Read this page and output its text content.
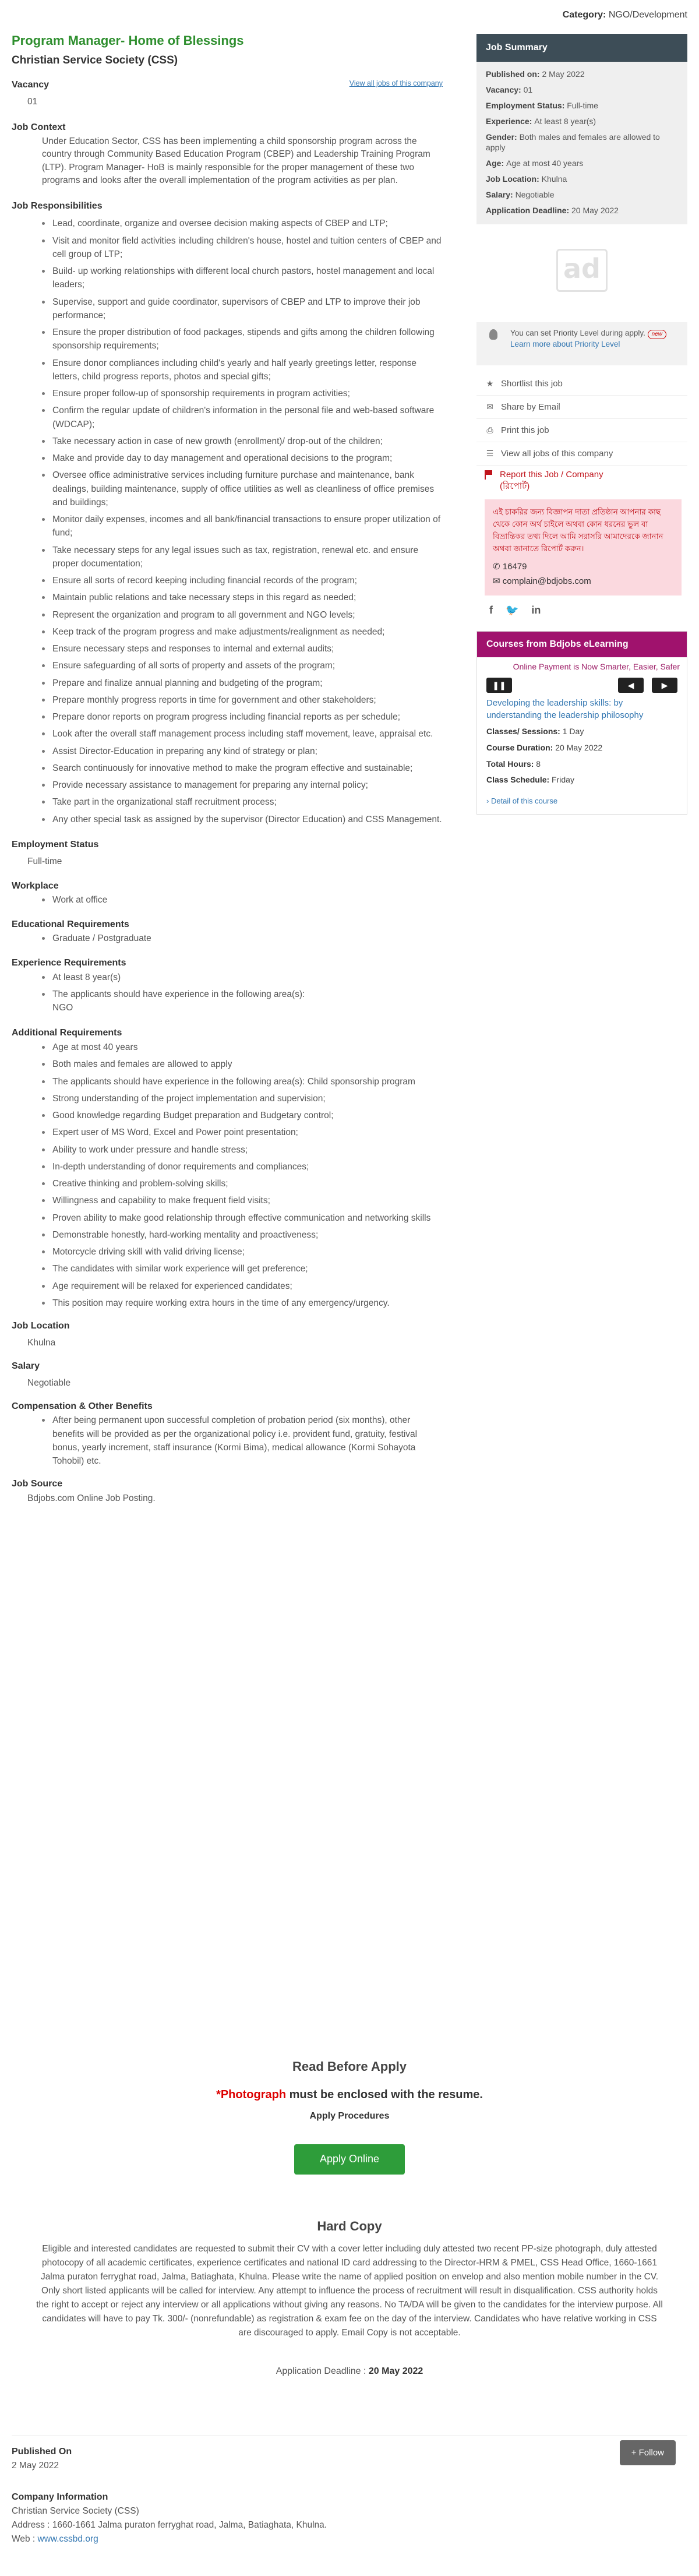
Category: NGO/Development
Program Manager- Home of Blessings
Christian Service Society (CSS)
View all jobs of this company
Vacancy
01
Job Context

Under Education Sector, CSS has been implementing a child sponsorship program across the country through Community Based Education Program (CBEP) and Leadership Training Program (LTP). Program Manager- HoB is mainly responsible for the proper management of these two programs and looks after the overall implementation of the program activities as per plan.

Job Responsibilities
Lead, coordinate, organize and oversee decision making aspects of CBEP and LTP;
Visit and monitor field activities including children's house, hostel and tuition centers of CBEP and cell group of LTP;
Build- up working relationships with different local church pastors, hostel management and local leaders;
Supervise, support and guide coordinator, supervisors of CBEP and LTP to improve their job performance;
Ensure the proper distribution of food packages, stipends and gifts among the children following sponsorship requirements;
Ensure donor compliances including child's yearly and half yearly greetings letter, response letters, child progress reports, photos and special gifts;
Ensure proper follow-up of sponsorship requirements in program activities;
Confirm the regular update of children's information in the personal file and web-based software (WDCAP);
Take necessary action in case of new growth (enrollment)/ drop-out of the children;
Make and provide day to day management and operational decisions to the program;
Oversee office administrative services including furniture purchase and maintenance, bank dealings, building maintenance, supply of office utilities as well as cleanliness of office premises and buildings;
Monitor daily expenses, incomes and all bank/financial transactions to ensure proper utilization of fund;
Take necessary steps for any legal issues such as tax, registration, renewal etc. and ensure proper documentation;
Ensure all sorts of record keeping including financial records of the program;
Maintain public relations and take necessary steps in this regard as needed;
Represent the organization and program to all government and NGO levels;
Keep track of the program progress and make adjustments/realignment as needed;
Ensure necessary steps and responses to internal and external audits;
Ensure safeguarding of all sorts of property and assets of the program;
Prepare and finalize annual planning and budgeting of the program;
Prepare monthly progress reports in time for government and other stakeholders;
Prepare donor reports on program progress including financial reports as per schedule;
Look after the overall staff management process including staff movement, leave, appraisal etc.
Assist Director-Education in preparing any kind of strategy or plan;
Search continuously for innovative method to make the program effective and sustainable;
Provide necessary assistance to management for preparing any internal policy;
Take part in the organizational staff recruitment process;
Any other special task as assigned by the supervisor (Director Education) and CSS Management.
Employment Status
Full-time
Workplace
Work at office
Educational Requirements
Graduate / Postgraduate
Experience Requirements
At least 8 year(s)
The applicants should have experience in the following area(s):
NGO
Additional Requirements
Age at most 40 years
Both males and females are allowed to apply
The applicants should have experience in the following area(s): Child sponsorship program
Strong understanding of the project implementation and supervision;
Good knowledge regarding Budget preparation and Budgetary control;
Expert user of MS Word, Excel and Power point presentation;
Ability to work under pressure and handle stress;
In-depth understanding of donor requirements and compliances;
Creative thinking and problem-solving skills;
Willingness and capability to make frequent field visits;
Proven ability to make good relationship through effective communication and networking skills
Demonstrable honestly, hard-working mentality and proactiveness;
Motorcycle driving skill with valid driving license;
The candidates with similar work experience will get preference;
Age requirement will be relaxed for experienced candidates;
This position may require working extra hours in the time of any emergency/urgency.
Job Location
Khulna
Salary
Negotiable
Compensation & Other Benefits
After being permanent upon successful completion of probation period (six months), other benefits will be provided as per the organizational policy i.e. provident fund, gratuity, festival bonus, yearly increment, staff insurance (Kormi Bima), medical allowance (Kormi Sohayota Tohobil) etc.
Job Source
Bdjobs.com Online Job Posting.
Read Before Apply
*Photograph must be enclosed with the resume.
Apply Procedures
Apply Online
Hard Copy

Eligible and interested candidates are requested to submit their CV with a cover letter including duly attested two recent PP-size photograph, duly attested photocopy of all academic certificates, experience certificates and national ID card addressing to the Director-HRM & PMEL, CSS Head Office, 1660-1661 Jalma puraton ferryghat road, Jalma, Batiaghata, Khulna. Please write the name of applied position on envelop and also mention mobile number in the CV. Only short listed applicants will be called for interview. Any attempt to influence the process of recruitment will result in disqualification. CSS authority holds the right to accept or reject any interview or all applications without giving any reasons. No TA/DA will be given to the candidates for the interview purpose. All candidates will have to pay Tk. 300/- (nonrefundable) as registration & exam fee on the day of the interview. Candidates who have relative working in CSS are discouraged to apply. Email Copy is not acceptable.

Application Deadline : 20 May 2022
Published On
2 May 2022
+ Follow
Company Information
Christian Service Society (CSS)
Address : 1660-1661 Jalma puraton ferryghat road, Jalma, Batiaghata, Khulna.
Web : www.cssbd.org
Job Summary
Published on: 2 May 2022
Vacancy: 01
Employment Status: Full-time
Experience: At least 8 year(s)
Gender: Both males and females are allowed to apply
Age: Age at most 40 years
Job Location: Khulna
Salary: Negotiable
Application Deadline: 20 May 2022
ad
You can set Priority Level during apply. new
Learn more about Priority Level
★ Shortlist this job
✉ Share by Email
⎙ Print this job
☰ View all jobs of this company
Report this Job / Company
(রিপোর্ট)
এই চাকরির জন্য বিজ্ঞাপন দাতা প্রতিষ্ঠান আপনার কাছ থেকে কোন অর্থ চাইলে অথবা কোন ধরনের ভুল বা বিভ্রান্তিকর তথ্য দিলে আমি সরাসরি আমাদেরকে জানান অথবা জানাতে রিপোর্ট করুন।
✆ 16479
✉ complain@bdjobs.com
f 🐦 in
Courses from Bdjobs eLearning
Online Payment is Now Smarter, Easier, Safer
❚❚	◀	▶
Developing the leadership skills: by understanding the leadership philosophy
Classes/ Sessions: 1 Day
Course Duration: 20 May 2022
Total Hours: 8
Class Schedule: Friday
› Detail of this course
